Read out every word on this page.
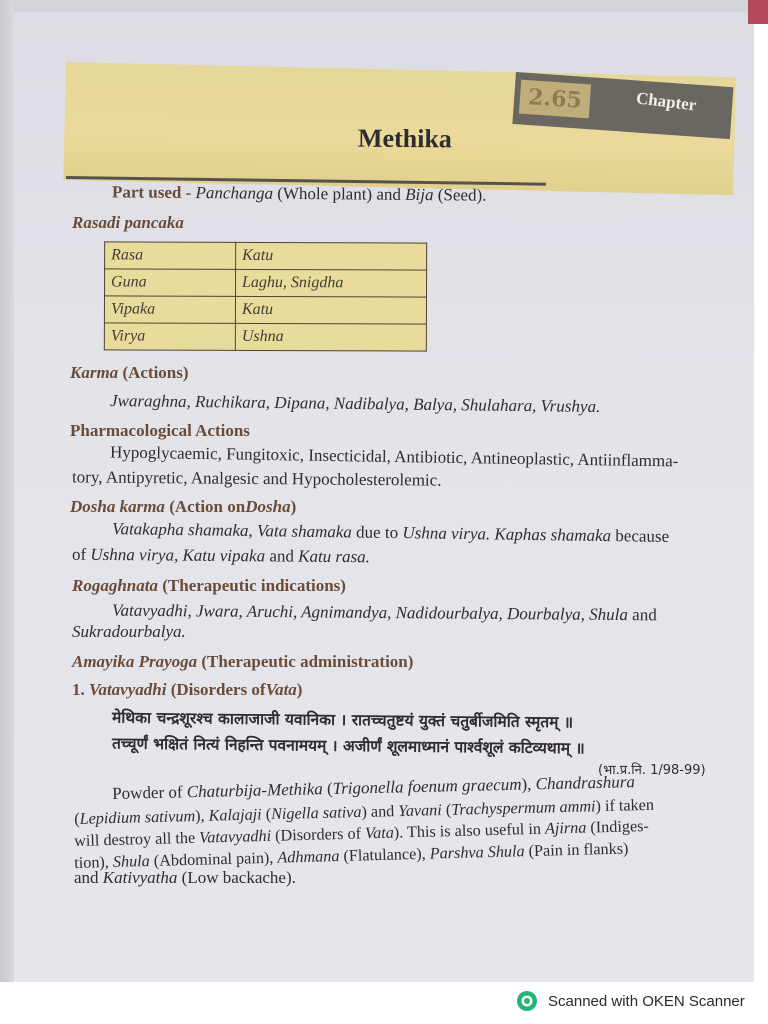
2.65	Chapter
Methika
Part used - Panchanga (Whole plant) and Bija (Seed).
Rasadi pancaka
Rasa	Katu
Guna	Laghu, Snigdha
Vipaka	Katu
Virya	Ushna
Karma (Actions)
Jwaraghna, Ruchikara, Dipana, Nadibalya, Balya, Shulahara, Vrushya.
Pharmacological Actions
Hypoglycaemic, Fungitoxic, Insecticidal, Antibiotic, Antineoplastic, Antiinflamma-
tory, Antipyretic, Analgesic and Hypocholesterolemic.
Dosha karma (Action onDosha)
Vatakapha shamaka, Vata shamaka due to Ushna virya. Kaphas shamaka because
of Ushna virya, Katu vipaka and Katu rasa.
Rogaghnata (Therapeutic indications)
Vatavyadhi, Jwara, Aruchi, Agnimandya, Nadidourbalya, Dourbalya, Shula and
Sukradourbalya.
Amayika Prayoga (Therapeutic administration)
1. Vatavyadhi (Disorders ofVata)
मेथिका चन्द्रशूरश्च कालाजाजी यवानिका । रातच्चतुष्टयं युक्तं चतुर्बीजमिति स्मृतम् ॥
तच्चूर्णं भक्षितं नित्यं निहन्ति पवनामयम् । अजीर्णं शूलमाध्मानं पार्श्वशूलं कटिव्यथाम् ॥
(भा.प्र.नि. 1/98-99)
Powder of Chaturbija-Methika (Trigonella foenum graecum), Chandrashura
(Lepidium sativum), Kalajaji (Nigella sativa) and Yavani (Trachyspermum ammi) if taken
will destroy all the Vatavyadhi (Disorders of Vata). This is also useful in Ajirna (Indiges-
tion), Shula (Abdominal pain), Adhmana (Flatulance), Parshva Shula (Pain in flanks)
and Kativyatha (Low backache).
Scanned with OKEN Scanner
